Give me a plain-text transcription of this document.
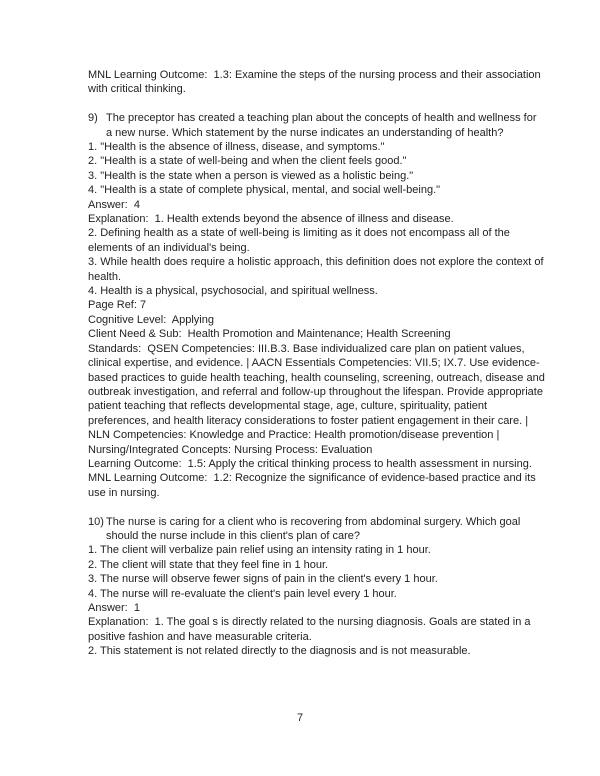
MNL Learning Outcome:  1.3: Examine the steps of the nursing process and their association with critical thinking.

9) The preceptor has created a teaching plan about the concepts of health and wellness for a new nurse. Which statement by the nurse indicates an understanding of health?

1. "Health is the absence of illness, disease, and symptoms."

2. "Health is a state of well-being and when the client feels good."

3. "Health is the state when a person is viewed as a holistic being."

4. "Health is a state of complete physical, mental, and social well-being."

Answer:  4

Explanation:  1. Health extends beyond the absence of illness and disease.

2. Defining health as a state of well-being is limiting as it does not encompass all of the elements of an individual's being.

3. While health does require a holistic approach, this definition does not explore the context of health.

4. Health is a physical, psychosocial, and spiritual wellness.

Page Ref: 7

Cognitive Level:  Applying

Client Need & Sub:  Health Promotion and Maintenance; Health Screening

Standards:  QSEN Competencies: III.B.3. Base individualized care plan on patient values, clinical expertise, and evidence. | AACN Essentials Competencies: VII.5; IX.7. Use evidence-based practices to guide health teaching, health counseling, screening, outreach, disease and outbreak investigation, and referral and follow-up throughout the lifespan. Provide appropriate patient teaching that reflects developmental stage, age, culture, spirituality, patient preferences, and health literacy considerations to foster patient engagement in their care. | NLN Competencies: Knowledge and Practice: Health promotion/disease prevention | Nursing/Integrated Concepts: Nursing Process: Evaluation

Learning Outcome:  1.5: Apply the critical thinking process to health assessment in nursing.

MNL Learning Outcome:  1.2: Recognize the significance of evidence-based practice and its use in nursing.

10) The nurse is caring for a client who is recovering from abdominal surgery. Which goal should the nurse include in this client's plan of care?

1. The client will verbalize pain relief using an intensity rating in 1 hour.

2. The client will state that they feel fine in 1 hour.

3. The nurse will observe fewer signs of pain in the client's every 1 hour.

4. The nurse will re-evaluate the client's pain level every 1 hour.

Answer:  1

Explanation:  1. The goal s is directly related to the nursing diagnosis. Goals are stated in a positive fashion and have measurable criteria.

2. This statement is not related directly to the diagnosis and is not measurable.

7
